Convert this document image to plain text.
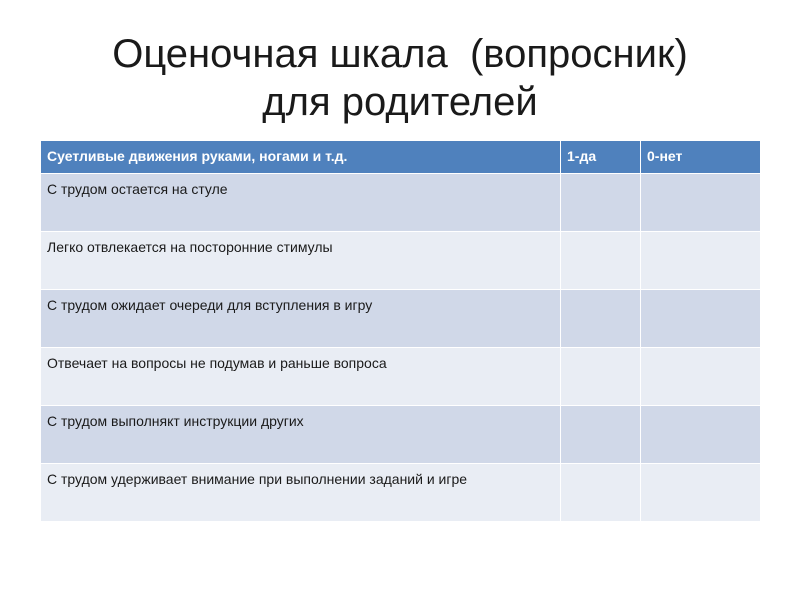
Оценочная шкала  (вопросник)
для родителей
Суетливые движения руками, ногами и т.д.	1-да	0-нет
С трудом остается на стуле		
Легко отвлекается на посторонние стимулы		
С трудом ожидает очереди для вступления в игру		
Отвечает на вопросы не подумав и раньше вопроса		
С трудом выполнякт инструкции других		
С трудом удерживает внимание при выполнении заданий и игре		
